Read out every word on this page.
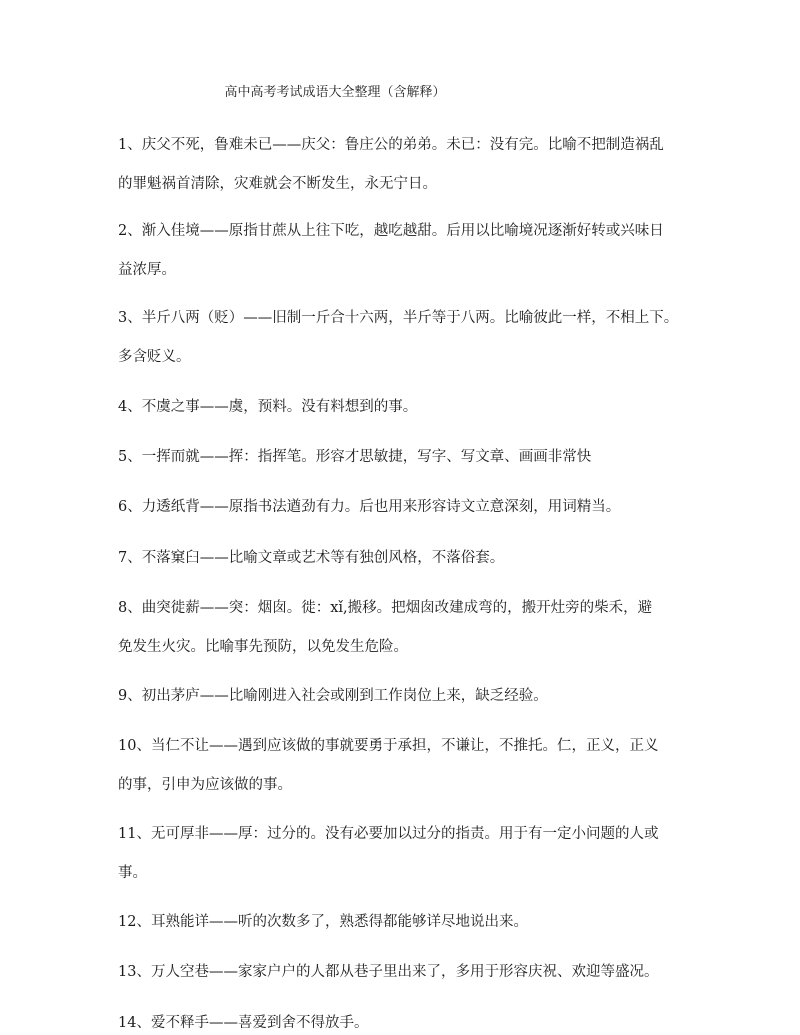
高中高考考试成语大全整理（含解释）
1、庆父不死，鲁难未已——庆父：鲁庄公的弟弟。未已：没有完。比喻不把制造祸乱
的罪魁祸首清除，灾难就会不断发生，永无宁日。
2、渐入佳境——原指甘蔗从上往下吃，越吃越甜。后用以比喻境况逐渐好转或兴味日
益浓厚。
3、半斤八两（贬）——旧制一斤合十六两，半斤等于八两。比喻彼此一样，不相上下。
多含贬义。
4、不虞之事——虞，预料。没有料想到的事。
5、一挥而就——挥：指挥笔。形容才思敏捷，写字、写文章、画画非常快
6、力透纸背——原指书法遒劲有力。后也用来形容诗文立意深刻，用词精当。
7、不落窠臼——比喻文章或艺术等有独创风格，不落俗套。
8、曲突徙薪——突：烟囱。徙：xǐ,搬移。把烟囱改建成弯的，搬开灶旁的柴禾，避
免发生火灾。比喻事先预防，以免发生危险。
9、初出茅庐——比喻刚进入社会或刚到工作岗位上来，缺乏经验。
10、当仁不让——遇到应该做的事就要勇于承担，不谦让，不推托。仁，正义，正义
的事，引申为应该做的事。
11、无可厚非——厚：过分的。没有必要加以过分的指责。用于有一定小问题的人或
事。
12、耳熟能详——听的次数多了，熟悉得都能够详尽地说出来。
13、万人空巷——家家户户的人都从巷子里出来了，多用于形容庆祝、欢迎等盛况。
14、爱不释手——喜爱到舍不得放手。
